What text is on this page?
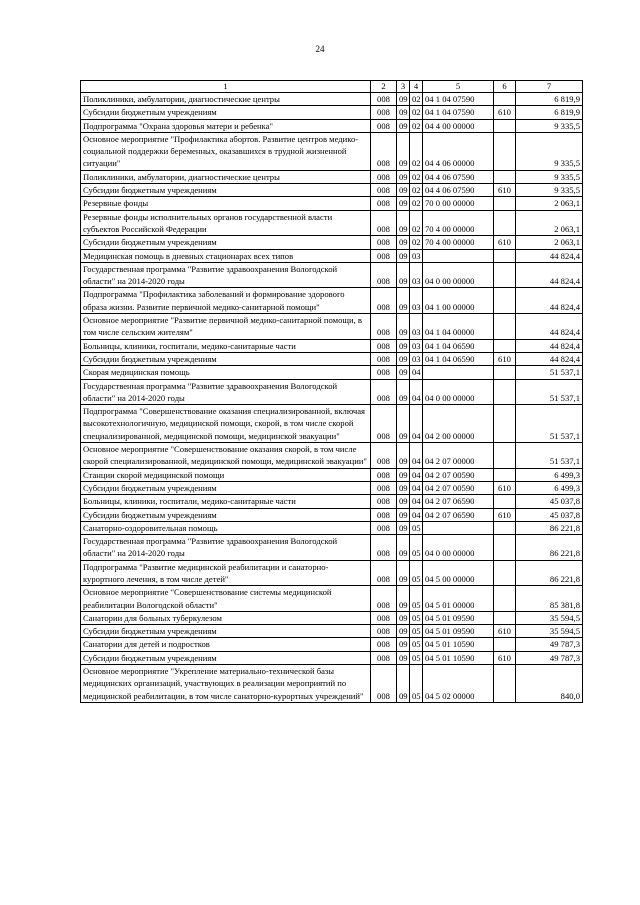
24
1	2	3	4	5	6	7
Поликлиники, амбулатории, диагностические центры	008	09	02	04 1 04 07590		6 819,9
Субсидии бюджетным учреждениям	008	09	02	04 1 04 07590	610	6 819,9
Подпрограмма "Охрана здоровья матери и ребенка"	008	09	02	04 4 00 00000		9 335,5
Основное мероприятие "Профилактика абортов. Развитие центров медико-социальной поддержки беременных, оказавшихся в трудной жизненной ситуации"	008	09	02	04 4 06 00000		9 335,5
Поликлиники, амбулатории, диагностические центры	008	09	02	04 4 06 07590		9 335,5
Субсидии бюджетным учреждениям	008	09	02	04 4 06 07590	610	9 335,5
Резервные фонды	008	09	02	70 0 00 00000		2 063,1
Резервные фонды исполнительных органов государственной власти субъектов Российской Федерации	008	09	02	70 4 00 00000		2 063,1
Субсидии бюджетным учреждениям	008	09	02	70 4 00 00000	610	2 063,1
Медицинская помощь в дневных стационарах всех типов	008	09	03			44 824,4
Государственная программа "Развитие здравоохранения Вологодской области" на 2014-2020 годы	008	09	03	04 0 00 00000		44 824,4
Подпрограмма "Профилактика заболеваний и формирование здорового образа жизни. Развитие первичной медико-санитарной помощи"	008	09	03	04 1 00 00000		44 824,4
Основное мероприятие "Развитие первичной медико-санитарной помощи, в том числе сельским жителям"	008	09	03	04 1 04 00000		44 824,4
Больницы, клиники, госпитали, медико-санитарные части	008	09	03	04 1 04 06590		44 824,4
Субсидии бюджетным учреждениям	008	09	03	04 1 04 06590	610	44 824,4
Скорая медицинская помощь	008	09	04			51 537,1
Государственная программа "Развитие здравоохранения Вологодской области" на 2014-2020 годы	008	09	04	04 0 00 00000		51 537,1
Подпрограмма "Совершенствование оказания специализированной, включая высокотехнологичную, медицинской помощи, скорой, в том числе скорой специализированной, медицинской помощи, медицинской эвакуации"	008	09	04	04 2 00 00000		51 537,1
Основное мероприятие "Совершенствование оказания скорой, в том числе скорой специализированной, медицинской помощи, медицинской эвакуации"	008	09	04	04 2 07 00000		51 537,1
Станции скорой медицинской помощи	008	09	04	04 2 07 00590		6 499,3
Субсидии бюджетным учреждениям	008	09	04	04 2 07 00590	610	6 499,3
Больницы, клиники, госпитали, медико-санитарные части	008	09	04	04 2 07 06590		45 037,8
Субсидии бюджетным учреждениям	008	09	04	04 2 07 06590	610	45 037,8
Санаторно-оздоровительная помощь	008	09	05			86 221,8
Государственная программа "Развитие здравоохранения Вологодской области" на 2014-2020 годы	008	09	05	04 0 00 00000		86 221,8
Подпрограмма "Развитие медицинской реабилитации и санаторно-курортного лечения, в том числе детей"	008	09	05	04 5 00 00000		86 221,8
Основное мероприятие "Совершенствование системы медицинской реабилитации Вологодской области"	008	09	05	04 5 01 00000		85 381,8
Санатории для больных туберкулезом	008	09	05	04 5 01 09590		35 594,5
Субсидии бюджетным учреждениям	008	09	05	04 5 01 09590	610	35 594,5
Санатории для детей и подростков	008	09	05	04 5 01 10590		49 787,3
Субсидии бюджетным учреждениям	008	09	05	04 5 01 10590	610	49 787,3
Основное мероприятие "Укрепление материально-технической базы медицинских организаций, участвующих в реализации мероприятий по медицинской реабилитации, в том числе санаторно-курортных учреждений"	008	09	05	04 5 02 00000		840,0
